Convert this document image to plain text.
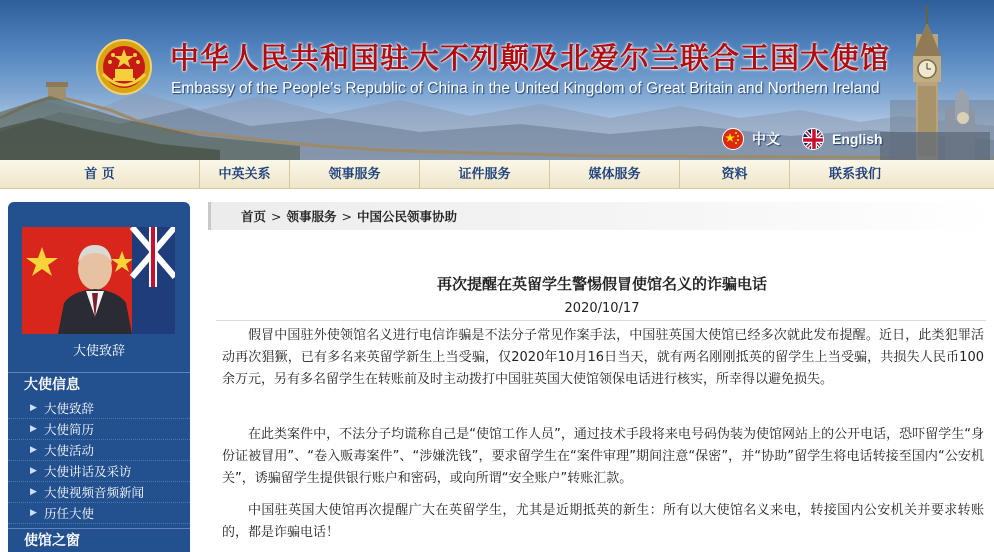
中华人民共和国驻大不列颠及北爱尔兰联合王国大使馆
Embassy of the People's Republic of China in the United Kingdom of Great Britain and Northern Ireland
中文	English
首 页	中英关系	领事服务	证件服务	媒体服务	资料	联系我们
大使致辞
大使信息
▶ 大使致辞
▶ 大使简历
▶ 大使活动
▶ 大使讲话及采访
▶ 大使视频音频新闻
▶ 历任大使
使馆之窗
首页 > 领事服务 > 中国公民领事协助
再次提醒在英留学生警惕假冒使馆名义的诈骗电话
2020/10/17

假冒中国驻外使领馆名义进行电信诈骗是不法分子常见作案手法，中国驻英国大使馆已经多次就此发布提醒。近日，此类犯罪活动再次猖獗，已有多名来英留学新生上当受骗，仅2020年10月16日当天，就有两名刚刚抵英的留学生上当受骗，共损失人民币100余万元，另有多名留学生在转账前及时主动拨打中国驻英国大使馆领保电话进行核实，所幸得以避免损失。

在此类案件中，不法分子均谎称自己是“使馆工作人员”，通过技术手段将来电号码伪装为使馆网站上的公开电话，恐吓留学生“身份证被冒用”、“卷入贩毒案件”、“涉嫌洗钱”，要求留学生在“案件审理”期间注意“保密”，并“协助”留学生将电话转接至国内“公安机关”，诱骗留学生提供银行账户和密码，或向所谓“安全账户”转账汇款。

中国驻英国大使馆再次提醒广大在英留学生，尤其是近期抵英的新生：所有以大使馆名义来电，转接国内公安机关并要求转账的，都是诈骗电话！
